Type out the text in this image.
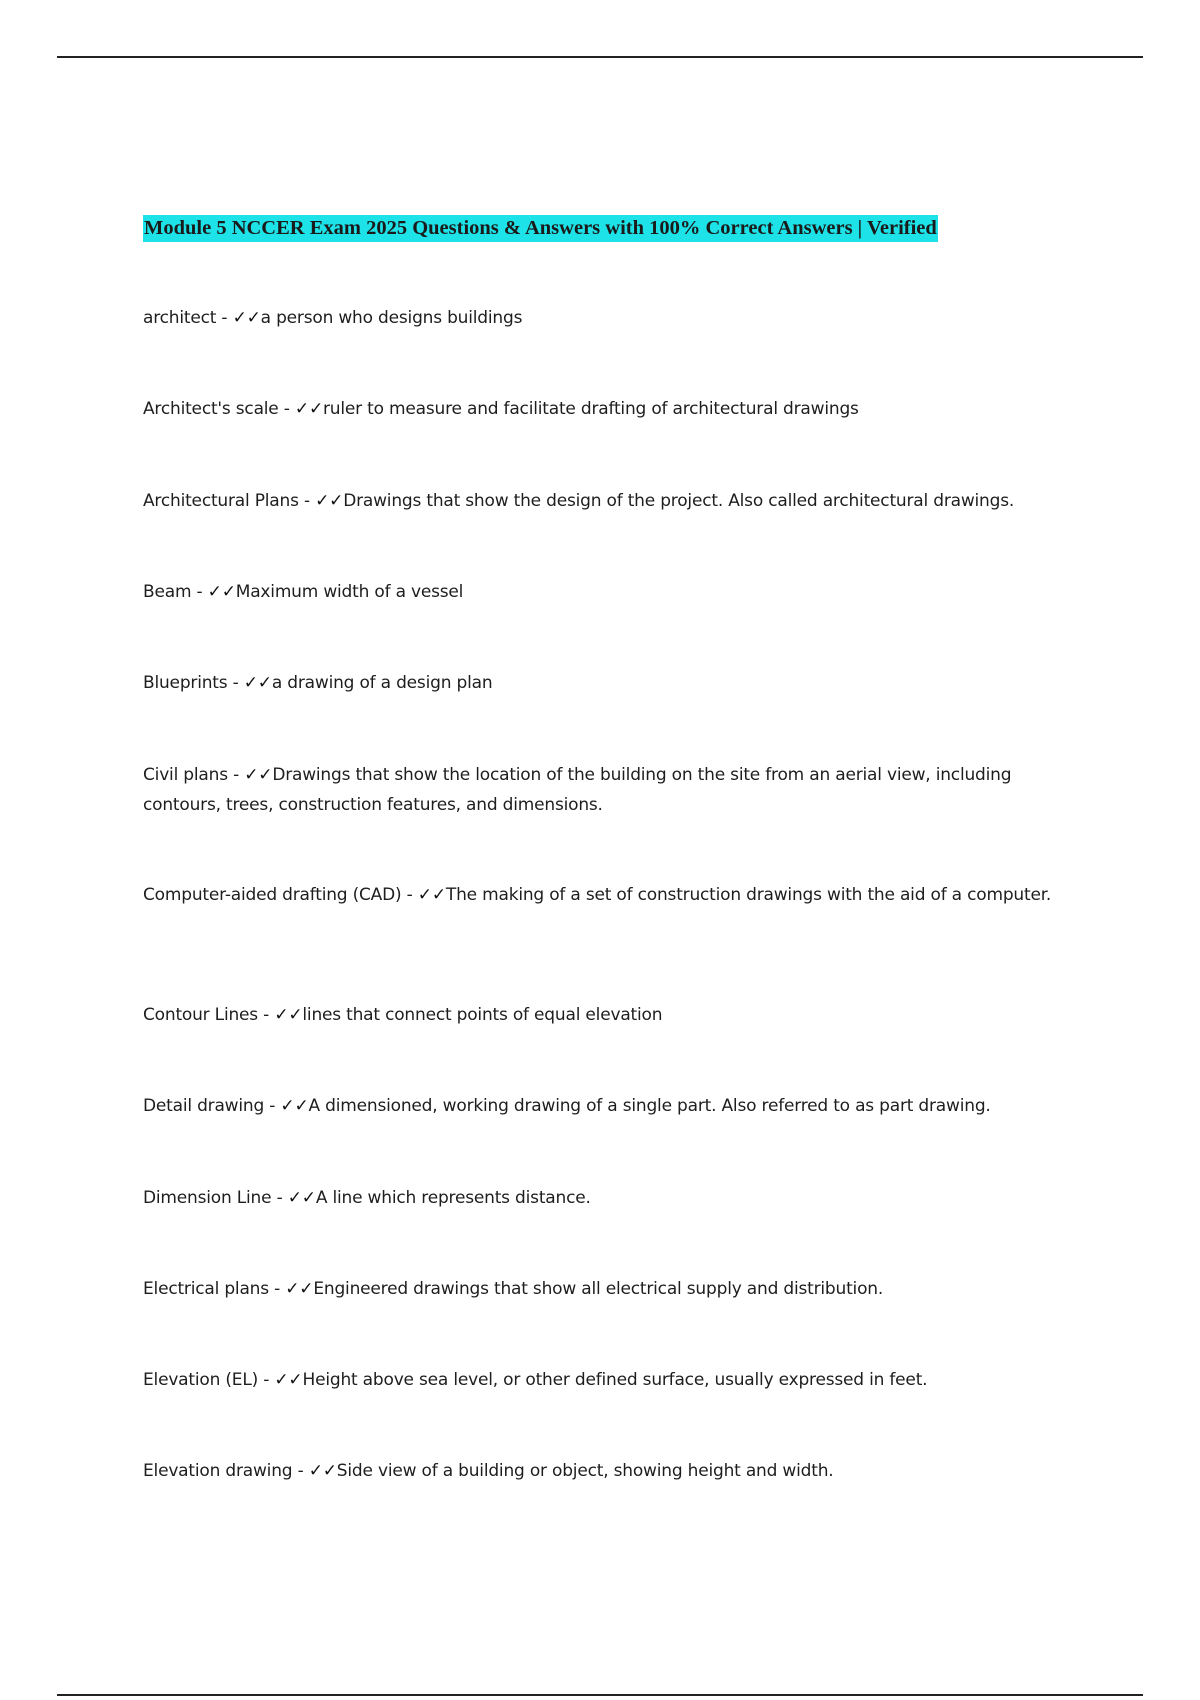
Module 5 NCCER Exam 2025 Questions & Answers with 100% Correct Answers | Verified
architect - ✓✓a person who designs buildings
Architect's scale - ✓✓ruler to measure and facilitate drafting of architectural drawings
Architectural Plans - ✓✓Drawings that show the design of the project. Also called architectural drawings.
Beam - ✓✓Maximum width of a vessel
Blueprints - ✓✓a drawing of a design plan
Civil plans - ✓✓Drawings that show the location of the building on the site from an aerial view, including contours, trees, construction features, and dimensions.
Computer-aided drafting (CAD) - ✓✓The making of a set of construction drawings with the aid of a computer.
Contour Lines - ✓✓lines that connect points of equal elevation
Detail drawing - ✓✓A dimensioned, working drawing of a single part. Also referred to as part drawing.
Dimension Line - ✓✓A line which represents distance.
Electrical plans - ✓✓Engineered drawings that show all electrical supply and distribution.
Elevation (EL) - ✓✓Height above sea level, or other defined surface, usually expressed in feet.
Elevation drawing - ✓✓Side view of a building or object, showing height and width.
